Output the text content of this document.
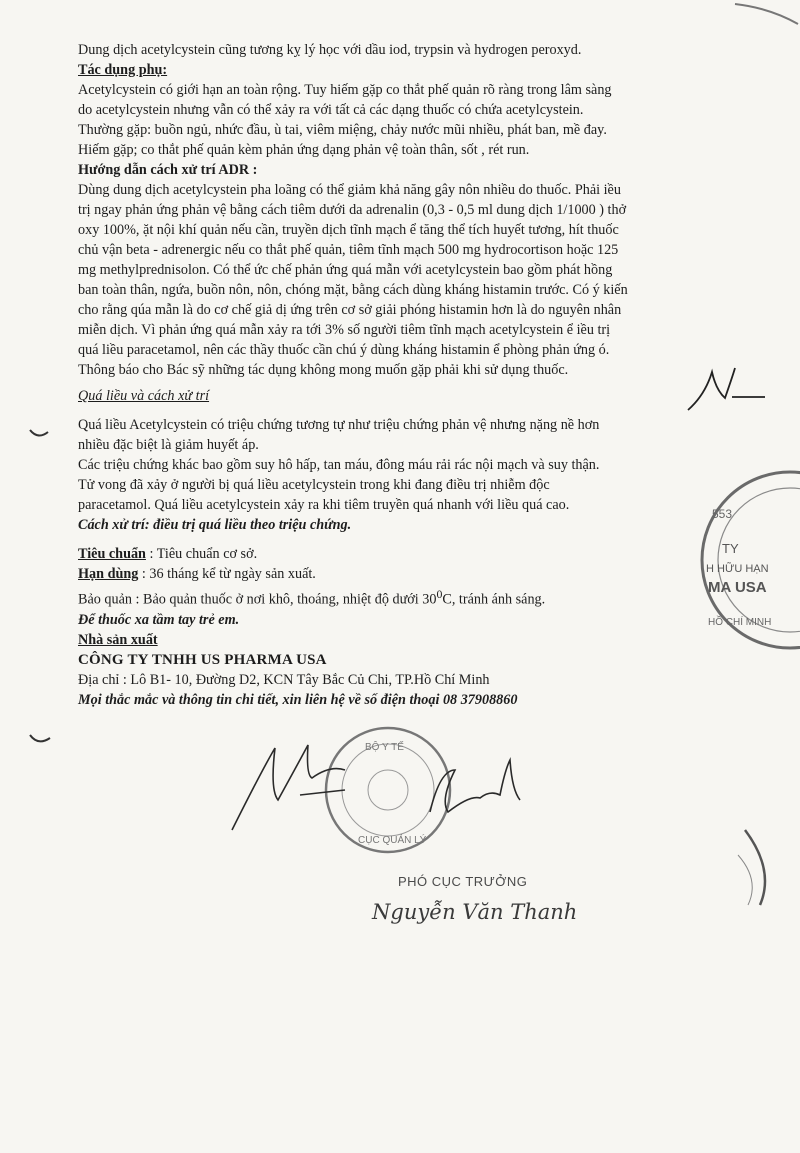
Dung dịch acetylcystein cũng tương kỵ lý học với dầu iod, trypsin và hydrogen peroxyd.

Tác dụng phụ:

Acetylcystein có giới hạn an toàn rộng. Tuy hiếm gặp co thắt phế quản rõ ràng trong lâm sàng

do acetylcystein nhưng vẫn có thể xảy ra với tất cả các dạng thuốc có chứa acetylcystein.

Thường gặp: buồn ngủ, nhức đầu, ù tai, viêm miệng, chảy nước mũi nhiều, phát ban, mề đay.

Hiếm gặp; co thắt phế quản kèm phản ứng dạng phản vệ toàn thân, sốt , rét run.

Hướng dẫn cách xử trí ADR :

Dùng dung dịch acetylcystein pha loãng có thể giảm khả năng gây nôn nhiều do thuốc. Phải iều

trị ngay phản ứng phản vệ bằng cách tiêm dưới da adrenalin (0,3 - 0,5 ml dung dịch 1/1000 ) thở

oxy 100%, ặt nội khí quản nếu cần, truyền dịch tĩnh mạch ể tăng thể tích huyết tương, hít thuốc

chủ vận beta - adrenergic nếu co thắt phế quản, tiêm tĩnh mạch 500 mg hydrocortison hoặc 125

mg methylprednisolon. Có thể ức chế phản ứng quá mẫn với acetylcystein bao gồm phát hồng

ban toàn thân, ngứa, buồn nôn, nôn, chóng mặt, bằng cách dùng kháng histamin trước. Có ý kiến

cho rằng qúa mẫn là do cơ chế giả dị ứng trên cơ sở giải phóng histamin hơn là do nguyên nhân

miễn dịch. Vì phản ứng quá mẫn xảy ra tới 3% số người tiêm tĩnh mạch acetylcystein ể iều trị

quá liều paracetamol, nên các thầy thuốc cần chú ý dùng kháng histamin ể phòng phản ứng ó.

Thông báo cho Bác sỹ những tác dụng không mong muốn gặp phải khi sử dụng thuốc.

Quá liều và cách xử trí

Quá liều Acetylcystein có triệu chứng tương tự như triệu chứng phản vệ nhưng nặng nề hơn

nhiều đặc biệt là giảm huyết áp.

Các triệu chứng khác bao gồm suy hô hấp, tan máu, đông máu rải rác nội mạch và suy thận.

Tử vong đã xảy ở người bị quá liều acetylcystein trong khi đang điều trị nhiễm độc

paracetamol. Quá liều acetylcystein xảy ra khi tiêm truyền quá nhanh với liều quá cao.

Cách xử trí: điều trị quá liều theo triệu chứng.

Tiêu chuẩn : Tiêu chuẩn cơ sở.

Hạn dùng : 36 tháng kể từ ngày sản xuất.

Bảo quản : Bảo quản thuốc ở nơi khô, thoáng, nhiệt độ dưới $30^0C$, tránh ánh sáng.

Để thuốc xa tầm tay trẻ em.

Nhà sản xuất

CÔNG TY TNHH US PHARMA USA

Địa chỉ : Lô B1- 10, Đường D2, KCN Tây Bắc Củ Chi, TP.Hồ Chí Minh

Mọi thắc mắc và thông tin chi tiết, xin liên hệ về số điện thoại 08 37908860

553
TY
H HỮU HẠN
MA USA
HỒ CHÍ MINH
BỘ Y TẾ
CỤC QUẢN LÝ
PHÓ CỤC TRƯỞNG
Nguyễn Văn Thanh
